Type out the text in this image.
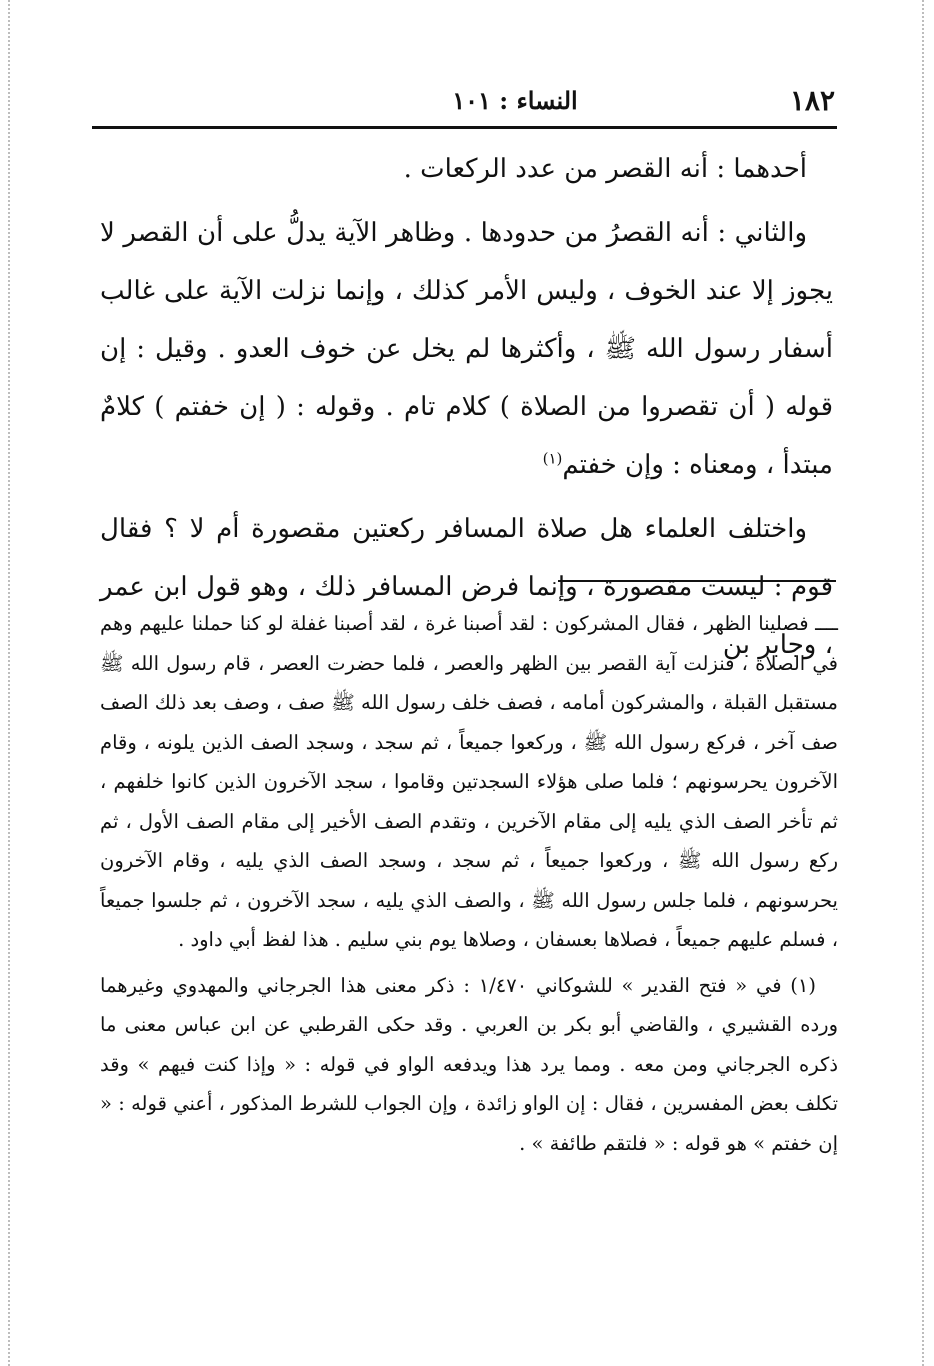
١٨٢
النساء : ١٠١

أحدهما : أنه القصر من عدد الركعات .

والثاني : أنه القصرُ من حدودها . وظاهر الآية يدلُّ على أن القصر لا يجوز إلا عند الخوف ، وليس الأمر كذلك ، وإنما نزلت الآية على غالب أسفار رسول الله ﷺ ، وأكثرها لم يخل عن خوف العدو . وقيل : إن قوله ( أن تقصروا من الصلاة ) كلام تام . وقوله : ( إن خفتم ) كلامٌ مبتدأ ، ومعناه : وإن خفتم$^{(١)}$

واختلف العلماء هل صلاة المسافر ركعتين مقصورة أم لا ؟ فقال قوم : ليست مقصورة ، وإنما فرض المسافر ذلك ، وهو قول ابن عمر ، وجابر بن

ــــ فصلينا الظهر ، فقال المشركون : لقد أصبنا غرة ، لقد أصبنا غفلة لو كنا حملنا عليهم وهم في الصلاة ، فنزلت آية القصر بين الظهر والعصر ، فلما حضرت العصر ، قام رسول الله ﷺ مستقبل القبلة ، والمشركون أمامه ، فصف خلف رسول الله ﷺ صف ، وصف بعد ذلك الصف صف آخر ، فركع رسول الله ﷺ ، وركعوا جميعاً ، ثم سجد ، وسجد الصف الذين يلونه ، وقام الآخرون يحرسونهم ؛ فلما صلى هؤلاء السجدتين وقاموا ، سجد الآخرون الذين كانوا خلفهم ، ثم تأخر الصف الذي يليه إلى مقام الآخرين ، وتقدم الصف الأخير إلى مقام الصف الأول ، ثم ركع رسول الله ﷺ ، وركعوا جميعاً ، ثم سجد ، وسجد الصف الذي يليه ، وقام الآخرون يحرسونهم ، فلما جلس رسول الله ﷺ ، والصف الذي يليه ، سجد الآخرون ، ثم جلسوا جميعاً ، فسلم عليهم جميعاً ، فصلاها بعسفان ، وصلاها يوم بني سليم . هذا لفظ أبي داود .

(١) في « فتح القدير » للشوكاني ١/٤٧٠ : ذكر معنى هذا الجرجاني والمهدوي وغيرهما ورده القشيري ، والقاضي أبو بكر بن العربي . وقد حكى القرطبي عن ابن عباس معنى ما ذكره الجرجاني ومن معه . ومما يرد هذا ويدفعه الواو في قوله : « وإذا كنت فيهم » وقد تكلف بعض المفسرين ، فقال : إن الواو زائدة ، وإن الجواب للشرط المذكور ، أعني قوله : « إن خفتم » هو قوله : « فلتقم طائفة » .
